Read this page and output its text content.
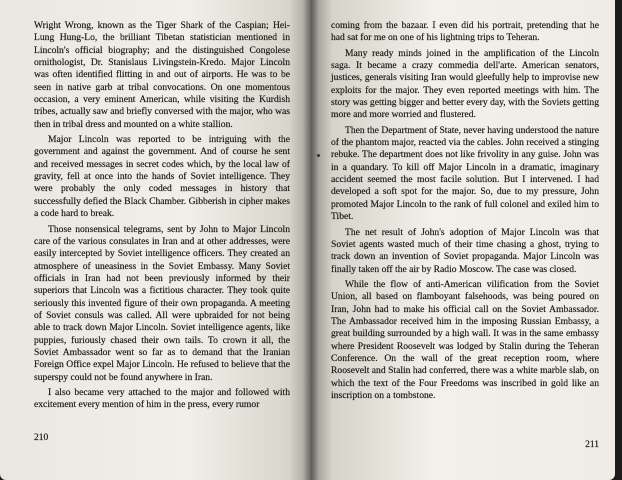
Wright Wrong, known as the Tiger Shark of the Caspian; Hei-Lung Hung-Lo, the brilliant Tibetan statistician mentioned in Lincoln's official biography; and the distinguished Congolese ornithologist, Dr. Stanislaus Livingstein-Kredo. Major Lincoln was often identified flitting in and out of airports. He was to be seen in native garb at tribal convocations. On one momentous occasion, a very eminent American, while visiting the Kurdish tribes, actually saw and briefly conversed with the major, who was then in tribal dress and mounted on a white stallion.

Major Lincoln was reported to be intriguing with the government and against the government. And of course he sent and received messages in secret codes which, by the local law of gravity, fell at once into the hands of Soviet intelligence. They were probably the only coded messages in history that successfully defied the Black Chamber. Gibberish in cipher makes a code hard to break.

Those nonsensical telegrams, sent by John to Major Lincoln care of the various consulates in Iran and at other addresses, were easily intercepted by Soviet intelligence officers. They created an atmosphere of uneasiness in the Soviet Embassy. Many Soviet officials in Iran had not been previously informed by their superiors that Lincoln was a fictitious character. They took quite seriously this invented figure of their own propaganda. A meeting of Soviet consuls was called. All were upbraided for not being able to track down Major Lincoln. Soviet intelligence agents, like puppies, furiously chased their own tails. To crown it all, the Soviet Ambassador went so far as to demand that the Iranian Foreign Office expel Major Lincoln. He refused to believe that the superspy could not be found anywhere in Iran.

I also became very attached to the major and followed with excitement every mention of him in the press, every rumor

210

coming from the bazaar. I even did his portrait, pretending that he had sat for me on one of his lightning trips to Teheran.

Many ready minds joined in the amplification of the Lincoln saga. It became a crazy commedia dell'arte. American senators, justices, generals visiting Iran would gleefully help to improvise new exploits for the major. They even reported meetings with him. The story was getting bigger and better every day, with the Soviets getting more and more worried and flustered.

Then the Department of State, never having understood the nature of the phantom major, reacted via the cables. John received a stinging rebuke. The department does not like frivolity in any guise. John was in a quandary. To kill off Major Lincoln in a dramatic, imaginary accident seemed the most facile solution. But I intervened. I had developed a soft spot for the major. So, due to my pressure, John promoted Major Lincoln to the rank of full colonel and exiled him to Tibet.

The net result of John's adoption of Major Lincoln was that Soviet agents wasted much of their time chasing a ghost, trying to track down an invention of Soviet propaganda. Major Lincoln was finally taken off the air by Radio Moscow. The case was closed.

While the flow of anti-American vilification from the Soviet Union, all based on flamboyant falsehoods, was being poured on Iran, John had to make his official call on the Soviet Ambassador. The Ambassador received him in the imposing Russian Embassy, a great building surrounded by a high wall. It was in the same embassy where President Roosevelt was lodged by Stalin during the Teheran Conference. On the wall of the great reception room, where Roosevelt and Stalin had conferred, there was a white marble slab, on which the text of the Four Freedoms was inscribed in gold like an inscription on a tombstone.

211
